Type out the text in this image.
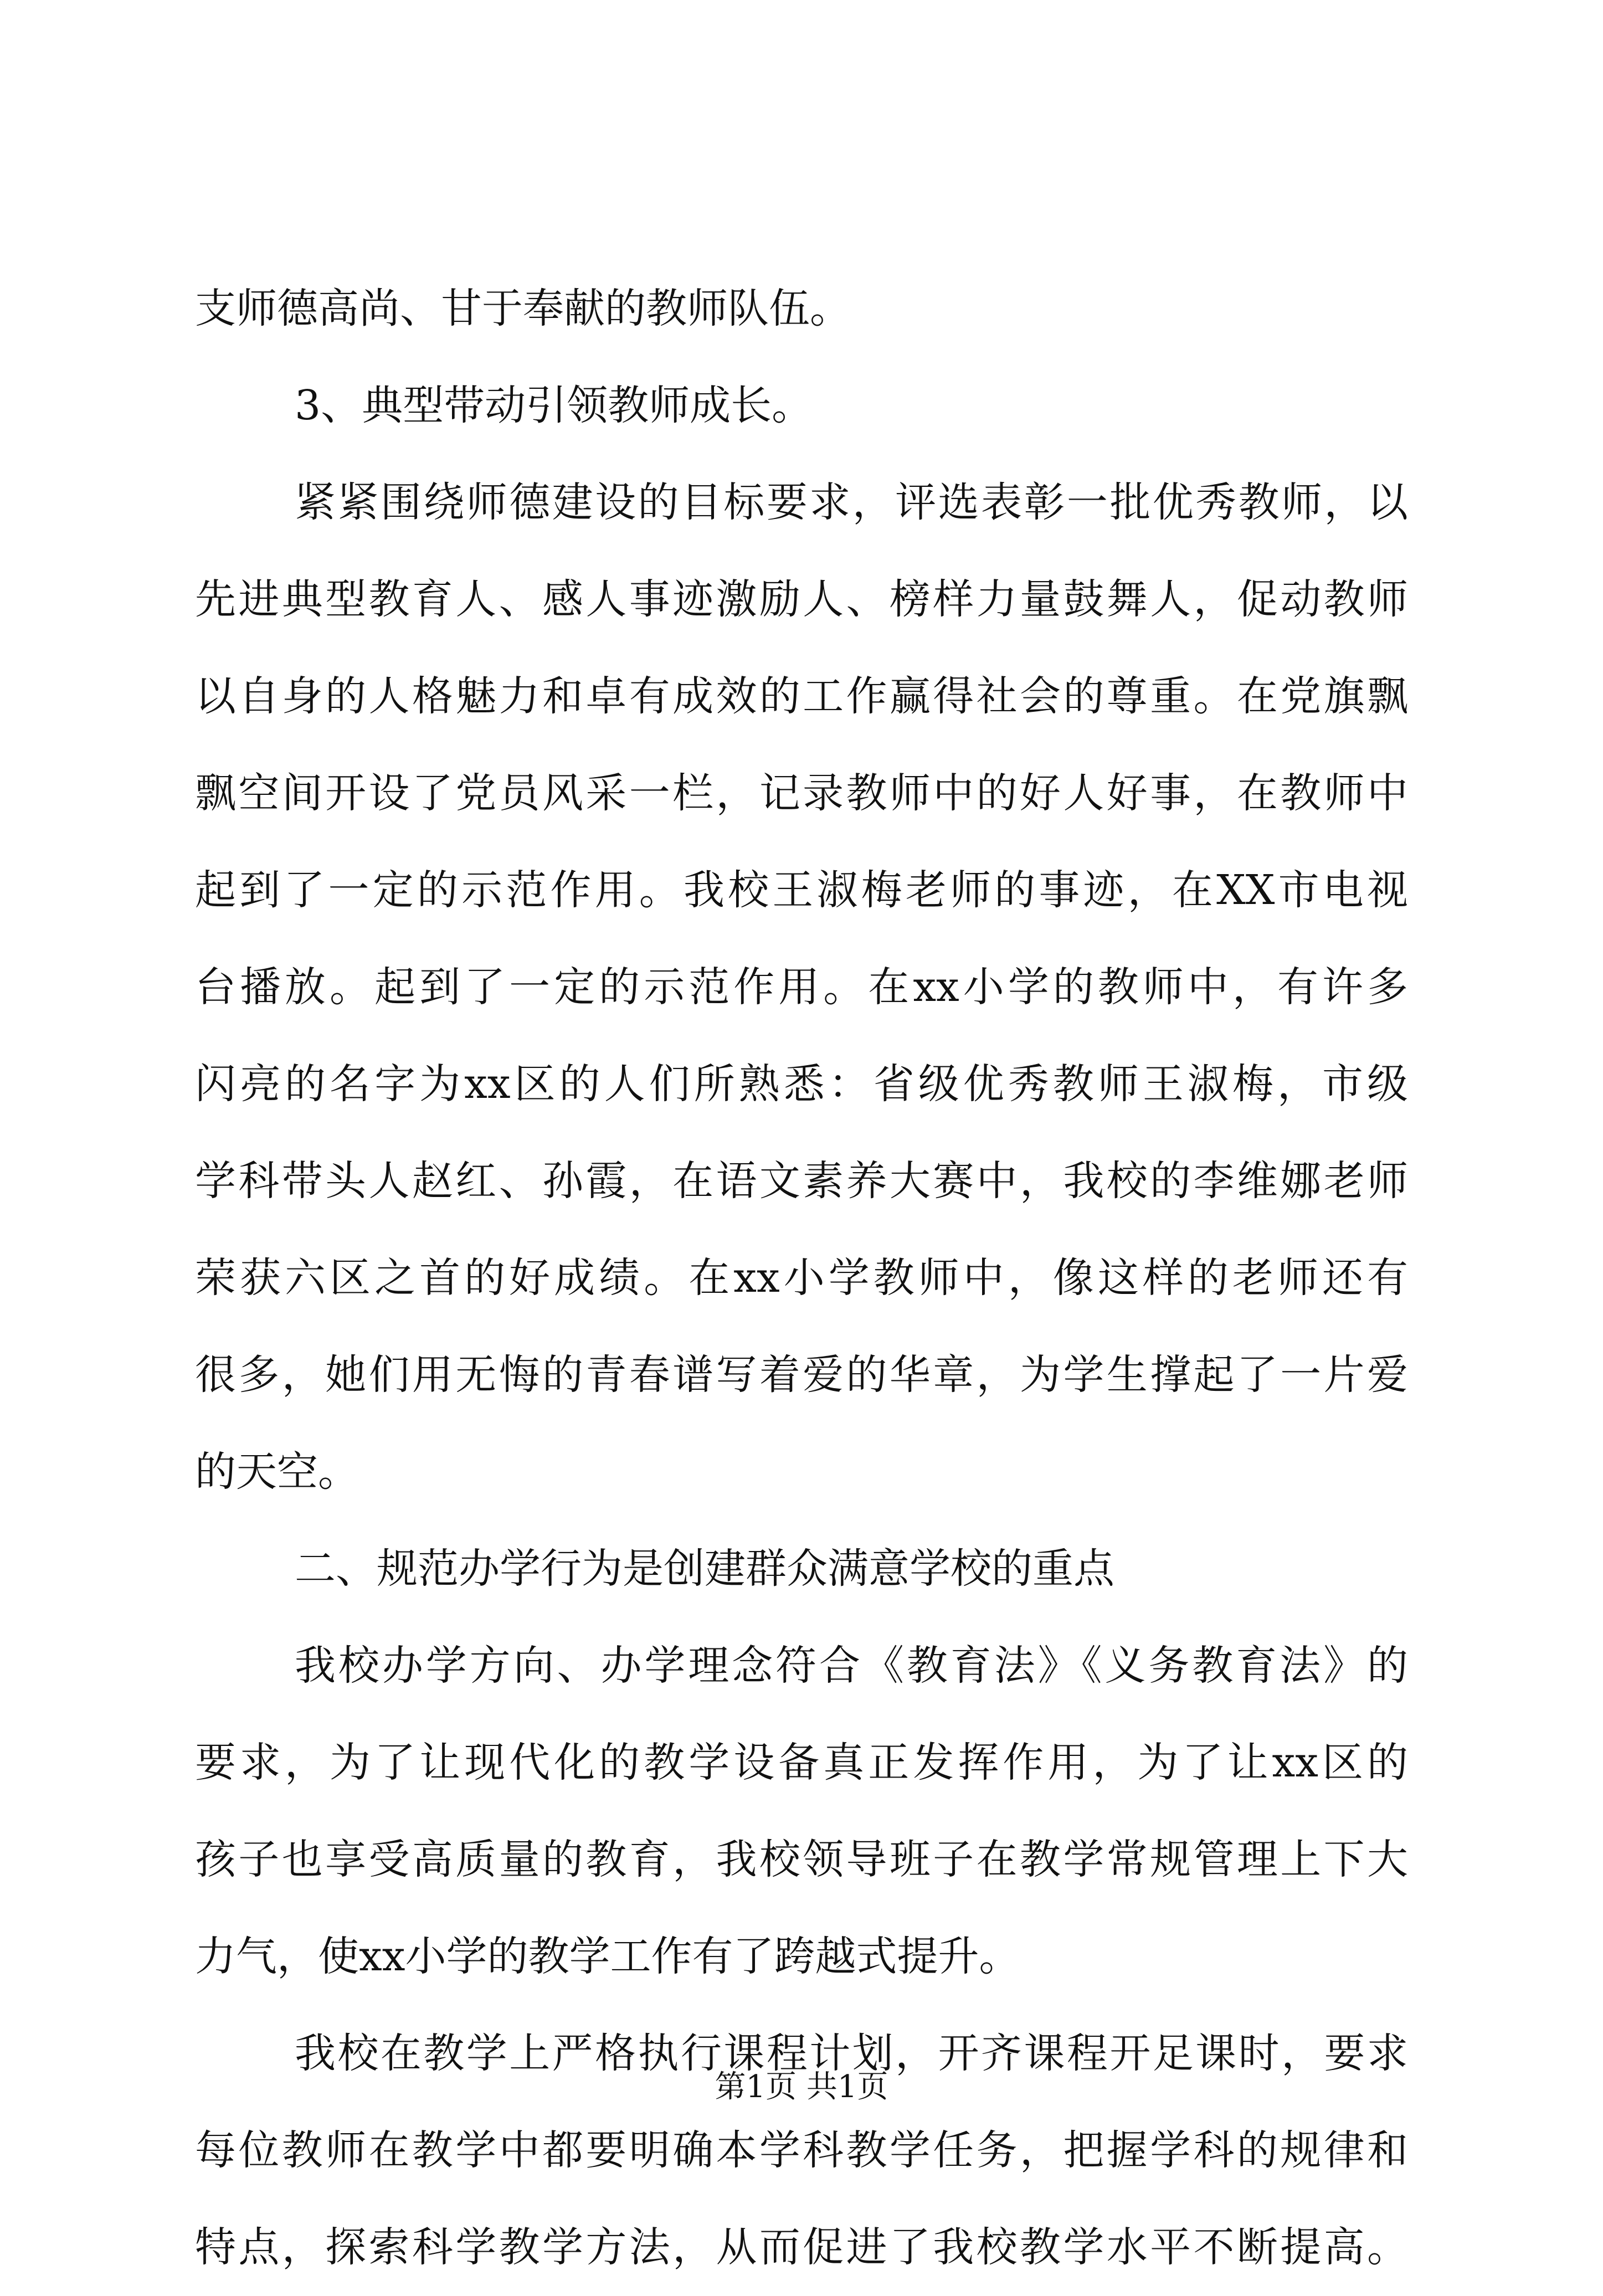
支师德高尚、甘于奉献的教师队伍。
3、典型带动引领教师成长。
紧紧围绕师德建设的目标要求，评选表彰一批优秀教师，以
先进典型教育人、感人事迹激励人、榜样力量鼓舞人，促动教师
以自身的人格魅力和卓有成效的工作赢得社会的尊重。在党旗飘
飘空间开设了党员风采一栏，记录教师中的好人好事，在教师中
起到了一定的示范作用。我校王淑梅老师的事迹，在XX市电视
台播放。起到了一定的示范作用。在xx小学的教师中，有许多
闪亮的名字为xx区的人们所熟悉：省级优秀教师王淑梅，市级
学科带头人赵红、孙霞，在语文素养大赛中，我校的李维娜老师
荣获六区之首的好成绩。在xx小学教师中，像这样的老师还有
很多，她们用无悔的青春谱写着爱的华章，为学生撑起了一片爱
的天空。
二、规范办学行为是创建群众满意学校的重点
我校办学方向、办学理念符合《教育法》《义务教育法》的
要求，为了让现代化的教学设备真正发挥作用，为了让xx区的
孩子也享受高质量的教育，我校领导班子在教学常规管理上下大
力气，使xx小学的教学工作有了跨越式提升。
我校在教学上严格执行课程计划，开齐课程开足课时，要求
每位教师在教学中都要明确本学科教学任务，把握学科的规律和
特点，探索科学教学方法，从而促进了我校教学水平不断提高。
第1页 共1页
